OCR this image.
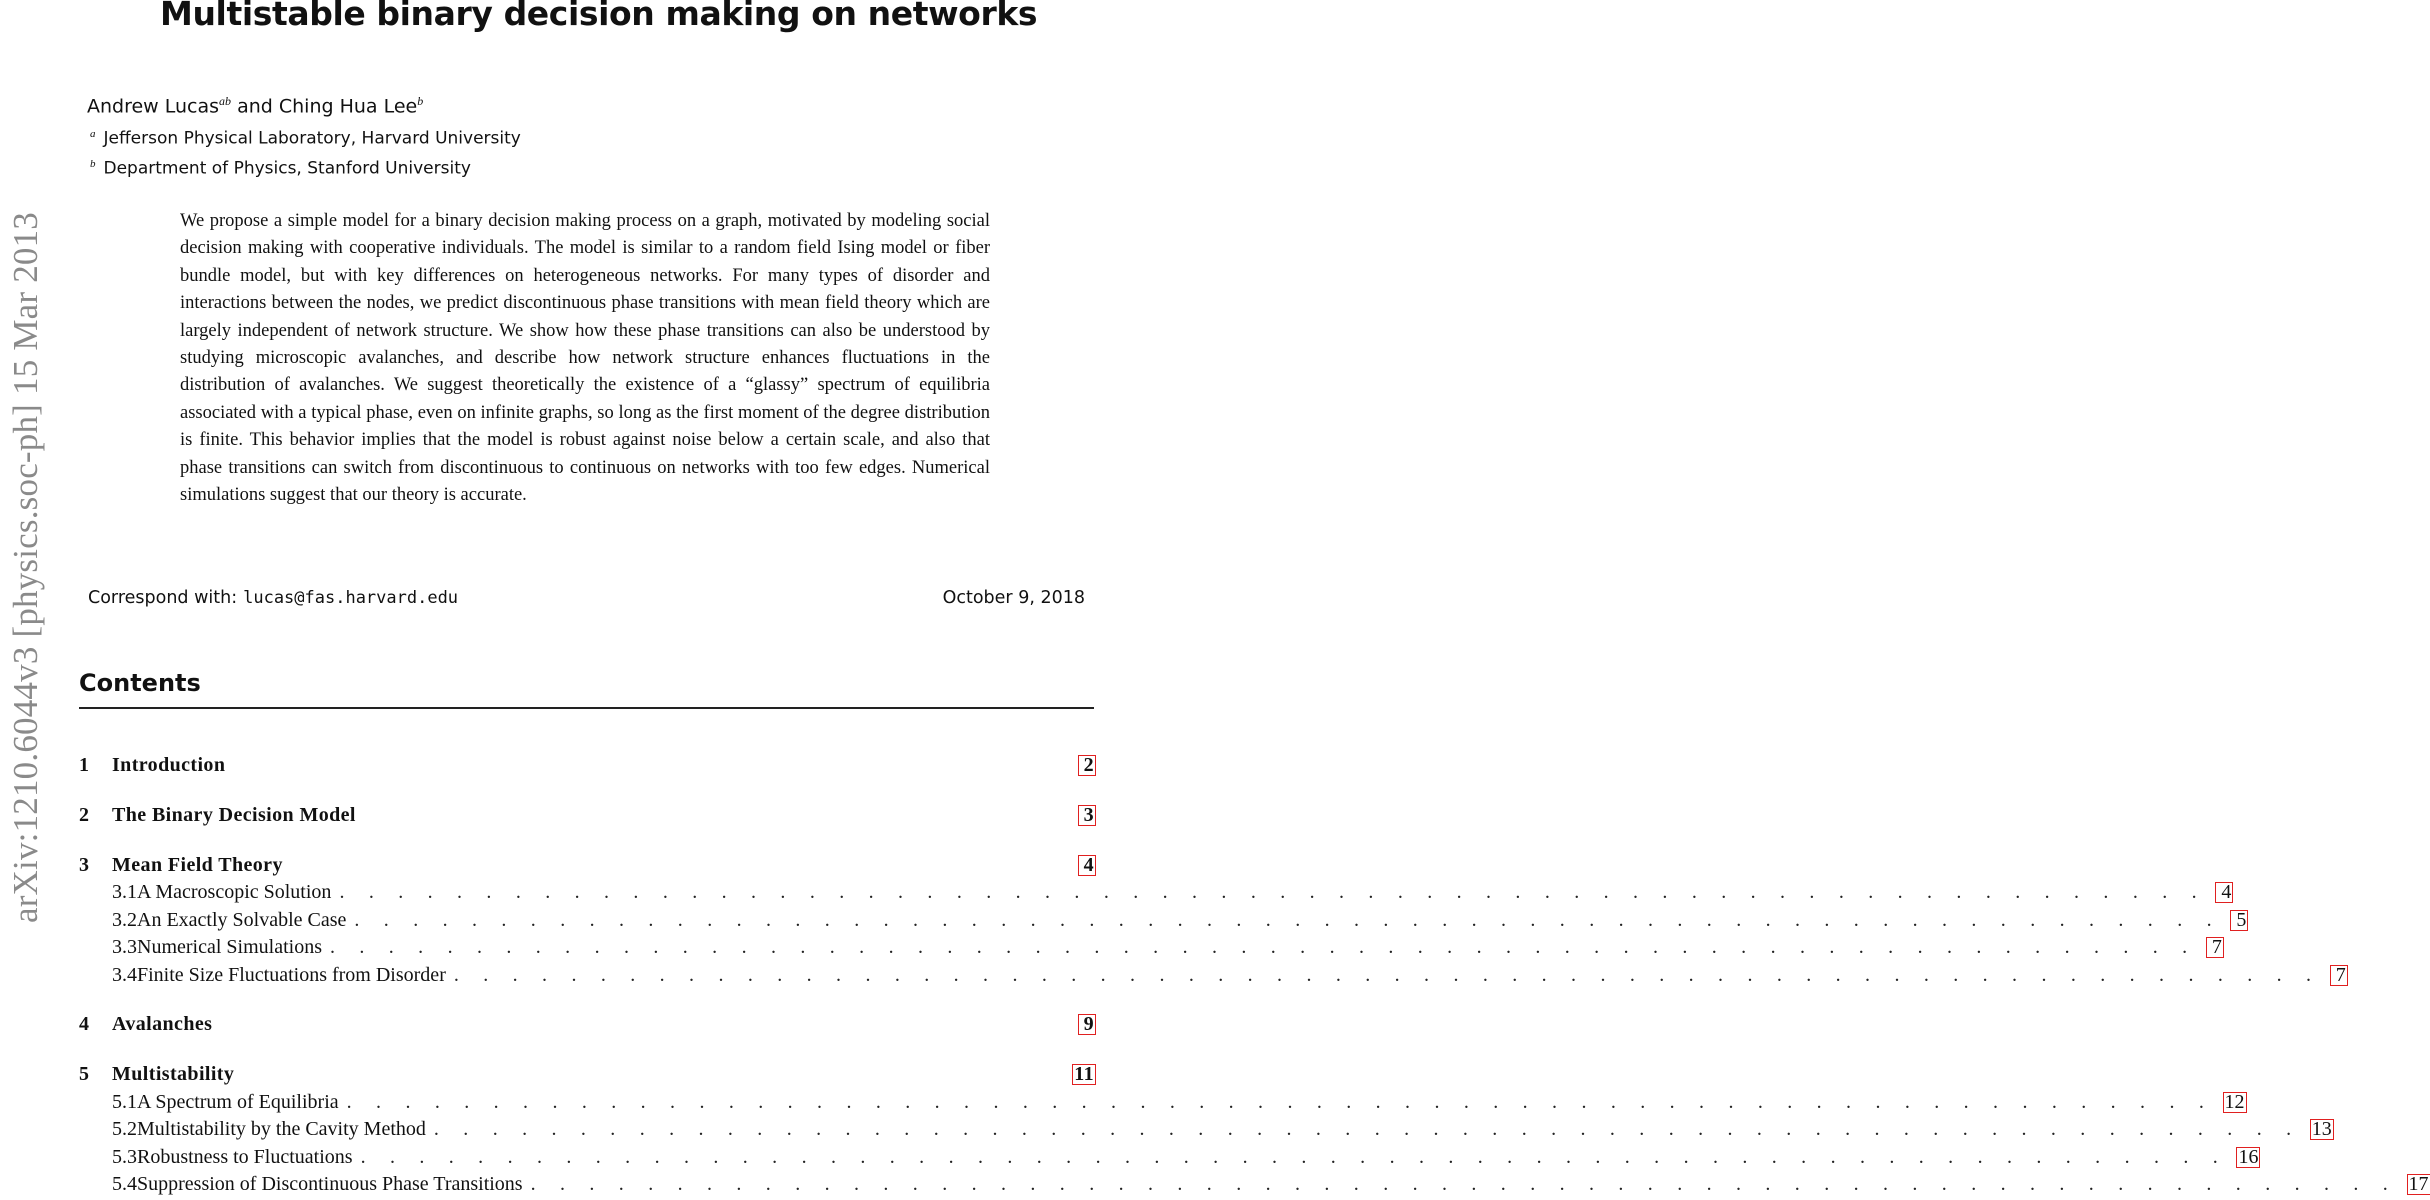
arXiv:1210.6044v3 [physics.soc-ph] 15 Mar 2013
Multistable binary decision making on networks
Andrew Lucas$^{ab}$ and Ching Hua Lee$^b$
$^a$ Jefferson Physical Laboratory, Harvard University
$^b$ Department of Physics, Stanford University
We propose a simple model for a binary decision making process on a graph, motivated by modeling social decision making with cooperative individuals. The model is similar to a random field Ising model or fiber bundle model, but with key differences on heterogeneous networks. For many types of disorder and interactions between the nodes, we predict discontinuous phase transitions with mean field theory which are largely independent of network structure. We show how these phase transitions can also be understood by studying microscopic avalanches, and describe how network structure enhances fluctuations in the distribution of avalanches. We suggest theoretically the existence of a “glassy” spectrum of equilibria associated with a typical phase, even on infinite graphs, so long as the first moment of the degree distribution is finite. This behavior implies that the model is robust against noise below a certain scale, and also that phase transitions can switch from discontinuous to continuous on networks with too few edges. Numerical simulations suggest that our theory is accurate.
Correspond with: lucas@fas.harvard.edu	October 9, 2018
Contents
1	Introduction	2
2	The Binary Decision Model	3
3	Mean Field Theory	4
3.1 A Macroscopic Solution . . . . . . . . . . . . . . . . . . . . . . . . . . . . . . . . . . . . . . . . . . . . . . . . . . . . . . . . . . . . . . . . 4
3.2 An Exactly Solvable Case . . . . . . . . . . . . . . . . . . . . . . . . . . . . . . . . . . . . . . . . . . . . . . . . . . . . . . . . . . . . . . . . 5
3.3 Numerical Simulations . . . . . . . . . . . . . . . . . . . . . . . . . . . . . . . . . . . . . . . . . . . . . . . . . . . . . . . . . . . . . . . . 7
3.4 Finite Size Fluctuations from Disorder . . . . . . . . . . . . . . . . . . . . . . . . . . . . . . . . . . . . . . . . . . . . . . . . . . . . . . . . . . . . . . . . 7
4	Avalanches	9
5	Multistability	11
5.1 A Spectrum of Equilibria . . . . . . . . . . . . . . . . . . . . . . . . . . . . . . . . . . . . . . . . . . . . . . . . . . . . . . . . . . . . . . . . 12
5.2 Multistability by the Cavity Method . . . . . . . . . . . . . . . . . . . . . . . . . . . . . . . . . . . . . . . . . . . . . . . . . . . . . . . . . . . . . . . . 13
5.3 Robustness to Fluctuations . . . . . . . . . . . . . . . . . . . . . . . . . . . . . . . . . . . . . . . . . . . . . . . . . . . . . . . . . . . . . . . . 16
5.4 Suppression of Discontinuous Phase Transitions . . . . . . . . . . . . . . . . . . . . . . . . . . . . . . . . . . . . . . . . . . . . . . . . . . . . . . . . . . . . . . . . 17
